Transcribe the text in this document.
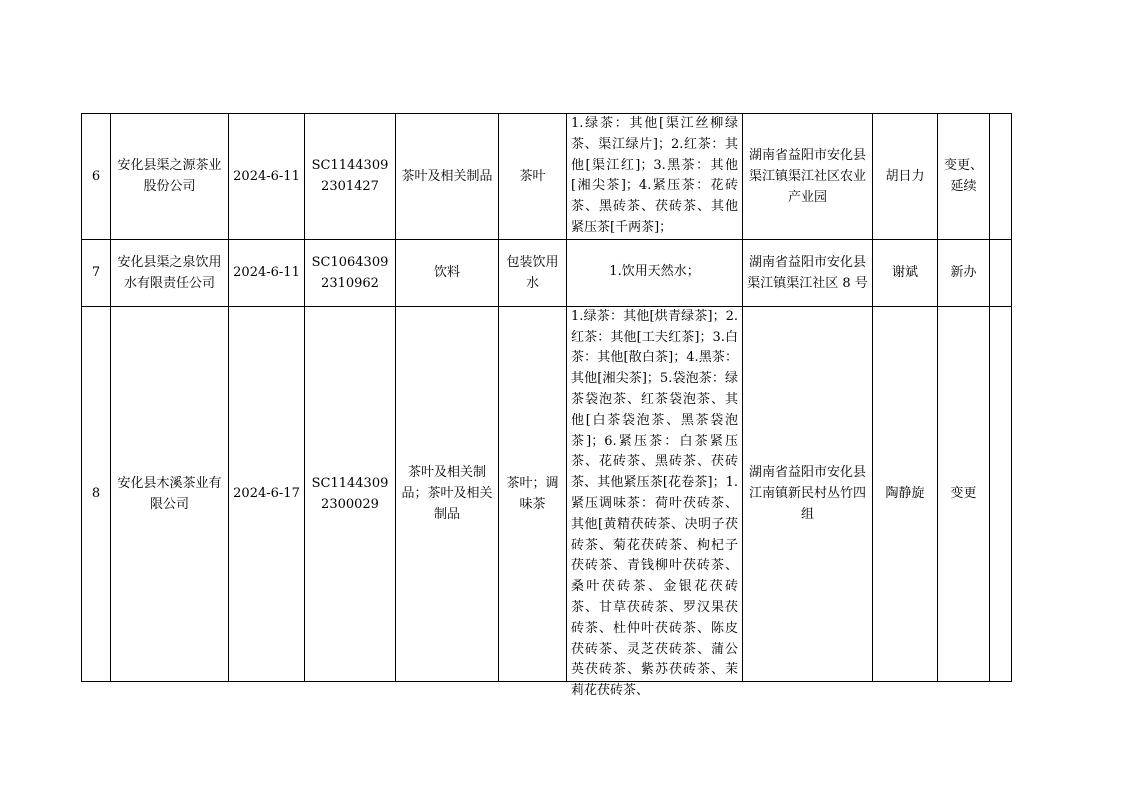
6	安化县渠之源茶业股份公司	2024-6-11	SC11443092301427	茶叶及相关制品	茶叶	1.绿茶：其他[渠江丝柳绿茶、渠江绿片]；2.红茶：其他[渠江红]；3.黑茶：其他[湘尖茶]；4.紧压茶：花砖茶、黑砖茶、茯砖茶、其他紧压茶[千两茶]；	湖南省益阳市安化县渠江镇渠江社区农业产业园	胡日力	变更、延续	
7	安化县渠之泉饮用水有限责任公司	2024-6-11	SC10643092310962	饮料	包装饮用水	1.饮用天然水；	湖南省益阳市安化县渠江镇渠江社区 8 号	谢斌	新办	
8	安化县木溪茶业有限公司	2024-6-17	SC11443092300029	茶叶及相关制品；茶叶及相关制品	茶叶；调味茶	1.绿茶：其他[烘青绿茶]；2.红茶：其他[工夫红茶]；3.白茶：其他[散白茶]；4.黑茶：其他[湘尖茶]；5.袋泡茶：绿茶袋泡茶、红茶袋泡茶、其他[白茶袋泡茶、黑茶袋泡茶]；6.紧压茶：白茶紧压茶、花砖茶、黑砖茶、茯砖茶、其他紧压茶[花卷茶]；1.紧压调味茶：荷叶茯砖茶、其他[黄精茯砖茶、决明子茯砖茶、菊花茯砖茶、枸杞子茯砖茶、青钱柳叶茯砖茶、桑叶茯砖茶、金银花茯砖茶、甘草茯砖茶、罗汉果茯砖茶、杜仲叶茯砖茶、陈皮茯砖茶、灵芝茯砖茶、蒲公英茯砖茶、紫苏茯砖茶、茉莉花茯砖茶、	湖南省益阳市安化县江南镇新民村丛竹四组	陶静旋	变更	
